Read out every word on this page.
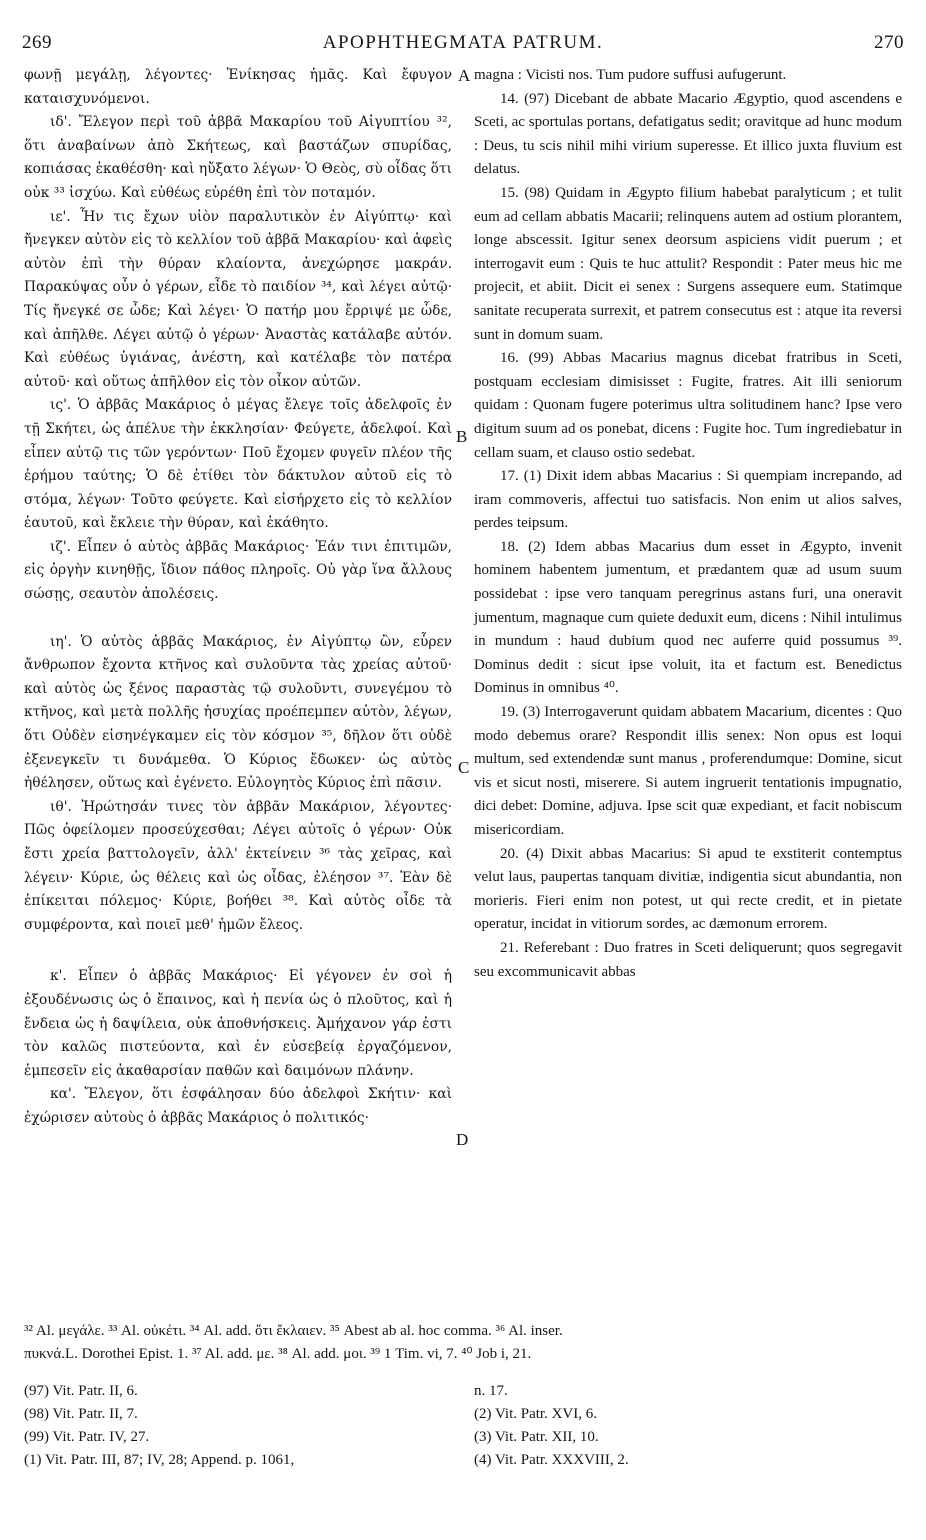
269	APOPHTHEGMATA PATRUM.	270

φωνῇ μεγάλῃ, λέγοντες· Ἐνίκησας ἡμᾶς. Καὶ ἔφυγον καταισχυνόμενοι.

ιδ'. Ἔλεγον περὶ τοῦ ἀββᾶ Μακαρίου τοῦ Αἰγυπτίου ³², ὅτι ἀναβαίνων ἀπὸ Σκήτεως, καὶ βαστάζων σπυρίδας, κοπιάσας ἐκαθέσθη· καὶ ηὔξατο λέγων· Ὁ Θεὸς, σὺ οἶδας ὅτι οὐκ ³³ ἰσχύω. Καὶ εὐθέως εὑρέθη ἐπὶ τὸν ποταμόν.

ιε'. Ἦν τις ἔχων υἱὸν παραλυτικὸν ἐν Αἰγύπτῳ· καὶ ἤνεγκεν αὐτὸν εἰς τὸ κελλίον τοῦ ἀββᾶ Μακαρίου· καὶ ἀφεὶς αὐτὸν ἐπὶ τὴν θύραν κλαίοντα, ἀνεχώρησε μακράν. Παρακύψας οὖν ὁ γέρων, εἶδε τὸ παιδίον ³⁴, καὶ λέγει αὐτῷ· Τίς ἤνεγκέ σε ὧδε; Καὶ λέγει· Ὁ πατήρ μου ἔρριψέ με ὧδε, καὶ ἀπῆλθε. Λέγει αὐτῷ ὁ γέρων· Ἀναστὰς κατάλαβε αὐτόν. Καὶ εὐθέως ὑγιάνας, ἀνέστη, καὶ κατέλαβε τὸν πατέρα αὐτοῦ· καὶ οὕτως ἀπῆλθον εἰς τὸν οἶκον αὐτῶν.

ις'. Ὁ ἀββᾶς Μακάριος ὁ μέγας ἔλεγε τοῖς ἀδελφοῖς ἐν τῇ Σκήτει, ὡς ἀπέλυε τὴν ἐκκλησίαν· Φεύγετε, ἀδελφοί. Καὶ εἶπεν αὐτῷ τις τῶν γερόντων· Ποῦ ἔχομεν φυγεῖν πλέον τῆς ἐρήμου ταύτης; Ὁ δὲ ἐτίθει τὸν δάκτυλον αὐτοῦ εἰς τὸ στόμα, λέγων· Τοῦτο φεύγετε. Καὶ εἰσήρχετο εἰς τὸ κελλίον ἑαυτοῦ, καὶ ἔκλειε τὴν θύραν, καὶ ἐκάθητο.

ιζ'. Εἶπεν ὁ αὐτὸς ἀββᾶς Μακάριος· Ἐάν τινι ἐπιτιμῶν, εἰς ὀργὴν κινηθῇς, ἴδιον πάθος πληροῖς. Οὐ γὰρ ἵνα ἄλλους σώσῃς, σεαυτὸν ἀπολέσεις.

ιη'. Ὁ αὐτὸς ἀββᾶς Μακάριος, ἐν Αἰγύπτῳ ὢν, εὗρεν ἄνθρωπον ἔχοντα κτῆνος καὶ συλοῦντα τὰς χρείας αὐτοῦ· καὶ αὐτὸς ὡς ξένος παραστὰς τῷ συλοῦντι, συνεγέμου τὸ κτῆνος, καὶ μετὰ πολλῆς ἡσυχίας προέπεμπεν αὐτὸν, λέγων, ὅτι Οὐδὲν εἰσηνέγκαμεν εἰς τὸν κόσμον ³⁵, δῆλον ὅτι οὐδὲ ἐξενεγκεῖν τι δυνάμεθα. Ὁ Κύριος ἔδωκεν· ὡς αὐτὸς ἠθέλησεν, οὕτως καὶ ἐγένετο. Εὐλογητὸς Κύριος ἐπὶ πᾶσιν.

ιθ'. Ἠρώτησάν τινες τὸν ἀββᾶν Μακάριον, λέγοντες· Πῶς ὀφείλομεν προσεύχεσθαι; Λέγει αὐτοῖς ὁ γέρων· Οὐκ ἔστι χρεία βαττολογεῖν, ἀλλ' ἐκτείνειν ³⁶ τὰς χεῖρας, καὶ λέγειν· Κύριε, ὡς θέλεις καὶ ὡς οἶδας, ἐλέησον ³⁷. Ἐὰν δὲ ἐπίκειται πόλεμος· Κύριε, βοήθει ³⁸. Καὶ αὐτὸς οἶδε τὰ συμφέροντα, καὶ ποιεῖ μεθ' ἡμῶν ἔλεος.

κ'. Εἶπεν ὁ ἀββᾶς Μακάριος· Εἰ γέγονεν ἐν σοὶ ἡ ἐξουδένωσις ὡς ὁ ἔπαινος, καὶ ἡ πενία ὡς ὁ πλοῦτος, καὶ ἡ ἔνδεια ὡς ἡ δαψίλεια, οὐκ ἀποθνήσκεις. Ἀμήχανον γάρ ἐστι τὸν καλῶς πιστεύοντα, καὶ ἐν εὐσεβείᾳ ἐργαζόμενον, ἐμπεσεῖν εἰς ἀκαθαρσίαν παθῶν καὶ δαιμόνων πλάνην.

κα'. Ἔλεγον, ὅτι ἐσφάλησαν δύο ἀδελφοὶ Σκήτιν· καὶ ἐχώρισεν αὐτοὺς ὁ ἀββᾶς Μακάριος ὁ πολιτικός·

A
B
C
D

magna : Vicisti nos. Tum pudore suffusi aufugerunt.

14. (97) Dicebant de abbate Macario Ægyptio, quod ascendens e Sceti, ac sportulas portans, defatigatus sedit; oravitque ad hunc modum : Deus, tu scis nihil mihi virium superesse. Et illico juxta fluvium est delatus.

15. (98) Quidam in Ægypto filium habebat paralyticum ; et tulit eum ad cellam abbatis Macarii; relinquens autem ad ostium plorantem, longe abscessit. Igitur senex deorsum aspiciens vidit puerum ; et interrogavit eum : Quis te huc attulit? Respondit : Pater meus hic me projecit, et abiit. Dicit ei senex : Surgens assequere eum. Statimque sanitate recuperata surrexit, et patrem consecutus est : atque ita reversi sunt in domum suam.

16. (99) Abbas Macarius magnus dicebat fratribus in Sceti, postquam ecclesiam dimisisset : Fugite, fratres. Ait illi seniorum quidam : Quonam fugere poterimus ultra solitudinem hanc? Ipse vero digitum suum ad os ponebat, dicens : Fugite hoc. Tum ingrediebatur in cellam suam, et clauso ostio sedebat.

17. (1) Dixit idem abbas Macarius : Si quempiam increpando, ad iram commoveris, affectui tuo satisfacis. Non enim ut alios salves, perdes teipsum.

18. (2) Idem abbas Macarius dum esset in Ægypto, invenit hominem habentem jumentum, et prædantem quæ ad usum suum possidebat : ipse vero tanquam peregrinus astans furi, una oneravit jumentum, magnaque cum quiete deduxit eum, dicens : Nihil intulimus in mundum : haud dubium quod nec auferre quid possumus ³⁹. Dominus dedit : sicut ipse voluit, ita et factum est. Benedictus Dominus in omnibus ⁴⁰.

19. (3) Interrogaverunt quidam abbatem Macarium, dicentes : Quo modo debemus orare? Respondit illis senex: Non opus est loqui multum, sed extendendæ sunt manus , proferendumque: Domine, sicut vis et sicut nosti, miserere. Si autem ingruerit tentationis impugnatio, dici debet: Domine, adjuva. Ipse scit quæ expediant, et facit nobiscum misericordiam.

20. (4) Dixit abbas Macarius: Si apud te exstiterit contemptus velut laus, paupertas tanquam divitiæ, indigentia sicut abundantia, non morieris. Fieri enim non potest, ut qui recte credit, et in pietate operatur, incidat in vitiorum sordes, ac dæmonum errorem.

21. Referebant : Duo fratres in Sceti deliquerunt; quos segregavit seu excommunicavit abbas

³² Al. μεγάλε. ³³ Al. οὐκέτι. ³⁴ Al. add. ὅτι ἔκλαιεν. ³⁵ Abest ab al. hoc comma. ³⁶ Al. inser.

πυκνά.L. Dorothei Epist. 1. ³⁷ Al. add. με. ³⁸ Al. add. μοι. ³⁹ 1 Tim. vi, 7. ⁴⁰ Job i, 21.

(97) Vit. Patr. II, 6.
(98) Vit. Patr. II, 7.
(99) Vit. Patr. IV, 27.
(1) Vit. Patr. III, 87; IV, 28; Append. p. 1061,
n. 17.
(2) Vit. Patr. XVI, 6.
(3) Vit. Patr. XII, 10.
(4) Vit. Patr. XXXVIII, 2.
